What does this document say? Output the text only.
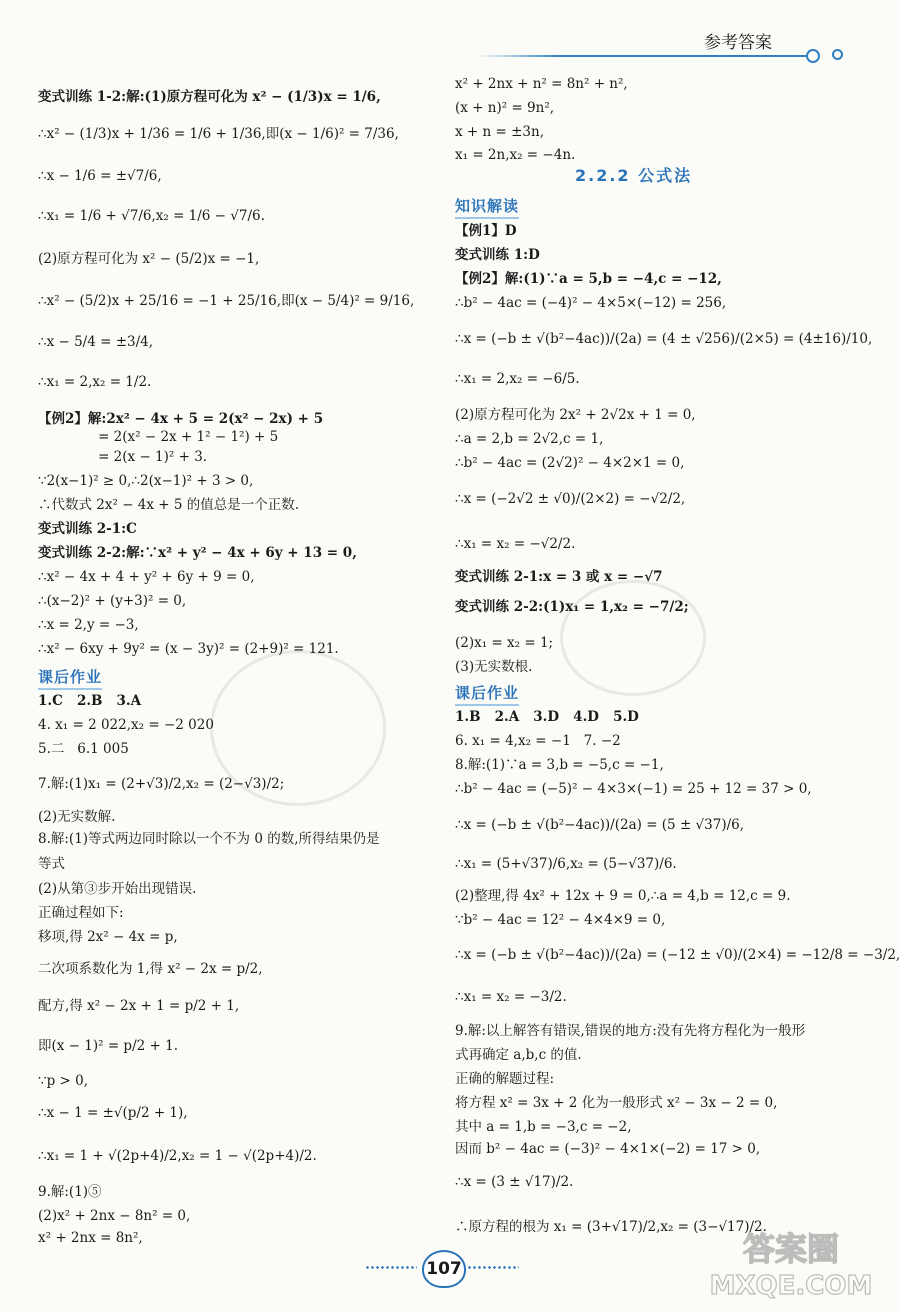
参考答案
变式训练 1-2:解:(1)原方程可化为 x² − (1/3)x = 1/6,
∴x² − (1/3)x + 1/36 = 1/6 + 1/36,即(x − 1/6)² = 7/36,
∴x − 1/6 = ±√7/6,
∴x₁ = 1/6 + √7/6,x₂ = 1/6 − √7/6.
(2)原方程可化为 x² − (5/2)x = −1,
∴x² − (5/2)x + 25/16 = −1 + 25/16,即(x − 5/4)² = 9/16,
∴x − 5/4 = ±3/4,
∴x₁ = 2,x₂ = 1/2.
【例2】解:2x² − 4x + 5 = 2(x² − 2x) + 5
= 2(x² − 2x + 1² − 1²) + 5
= 2(x − 1)² + 3.
∵2(x−1)² ≥ 0,∴2(x−1)² + 3 > 0,
∴代数式 2x² − 4x + 5 的值总是一个正数.
变式训练 2-1:C
变式训练 2-2:解:∵x² + y² − 4x + 6y + 13 = 0,
∴x² − 4x + 4 + y² + 6y + 9 = 0,
∴(x−2)² + (y+3)² = 0,
∴x = 2,y = −3,
∴x² − 6xy + 9y² = (x − 3y)² = (2+9)² = 121.
1.C   2.B   3.A
4. x₁ = 2 022,x₂ = −2 020
5.二   6.1 005
7.解:(1)x₁ = (2+√3)/2,x₂ = (2−√3)/2;
(2)无实数解.
8.解:(1)等式两边同时除以一个不为 0 的数,所得结果仍是
等式
(2)从第③步开始出现错误.
正确过程如下:
移项,得 2x² − 4x = p,
二次项系数化为 1,得 x² − 2x = p/2,
配方,得 x² − 2x + 1 = p/2 + 1,
即(x − 1)² = p/2 + 1.
∵p > 0,
∴x − 1 = ±√(p/2 + 1),
∴x₁ = 1 + √(2p+4)/2,x₂ = 1 − √(2p+4)/2.
9.解:(1)⑤
(2)x² + 2nx − 8n² = 0,
x² + 2nx = 8n²,
课后作业
x² + 2nx + n² = 8n² + n²,
(x + n)² = 9n²,
x + n = ±3n,
x₁ = 2n,x₂ = −4n.
【例1】D
变式训练 1:D
【例2】解:(1)∵a = 5,b = −4,c = −12,
∴b² − 4ac = (−4)² − 4×5×(−12) = 256,
∴x = (−b ± √(b²−4ac))/(2a) = (4 ± √256)/(2×5) = (4±16)/10,
∴x₁ = 2,x₂ = −6/5.
(2)原方程可化为 2x² + 2√2x + 1 = 0,
∴a = 2,b = 2√2,c = 1,
∴b² − 4ac = (2√2)² − 4×2×1 = 0,
∴x = (−2√2 ± √0)/(2×2) = −√2/2,
∴x₁ = x₂ = −√2/2.
变式训练 2-1:x = 3 或 x = −√7
变式训练 2-2:(1)x₁ = 1,x₂ = −7/2;
(2)x₁ = x₂ = 1;
(3)无实数根.
1.B   2.A   3.D   4.D   5.D
6. x₁ = 4,x₂ = −1   7. −2
8.解:(1)∵a = 3,b = −5,c = −1,
∴b² − 4ac = (−5)² − 4×3×(−1) = 25 + 12 = 37 > 0,
∴x = (−b ± √(b²−4ac))/(2a) = (5 ± √37)/6,
∴x₁ = (5+√37)/6,x₂ = (5−√37)/6.
(2)整理,得 4x² + 12x + 9 = 0,∴a = 4,b = 12,c = 9.
∵b² − 4ac = 12² − 4×4×9 = 0,
∴x = (−b ± √(b²−4ac))/(2a) = (−12 ± √0)/(2×4) = −12/8 = −3/2,
∴x₁ = x₂ = −3/2.
9.解:以上解答有错误,错误的地方:没有先将方程化为一般形
式再确定 a,b,c 的值.
正确的解题过程:
将方程 x² = 3x + 2 化为一般形式 x² − 3x − 2 = 0,
其中 a = 1,b = −3,c = −2,
因而 b² − 4ac = (−3)² − 4×1×(−2) = 17 > 0,
∴x = (3 ± √17)/2.
∴原方程的根为 x₁ = (3+√17)/2,x₂ = (3−√17)/2.
2.2.2 公式法
知识解读
课后作业
107
答案圈
MXQE.COM
